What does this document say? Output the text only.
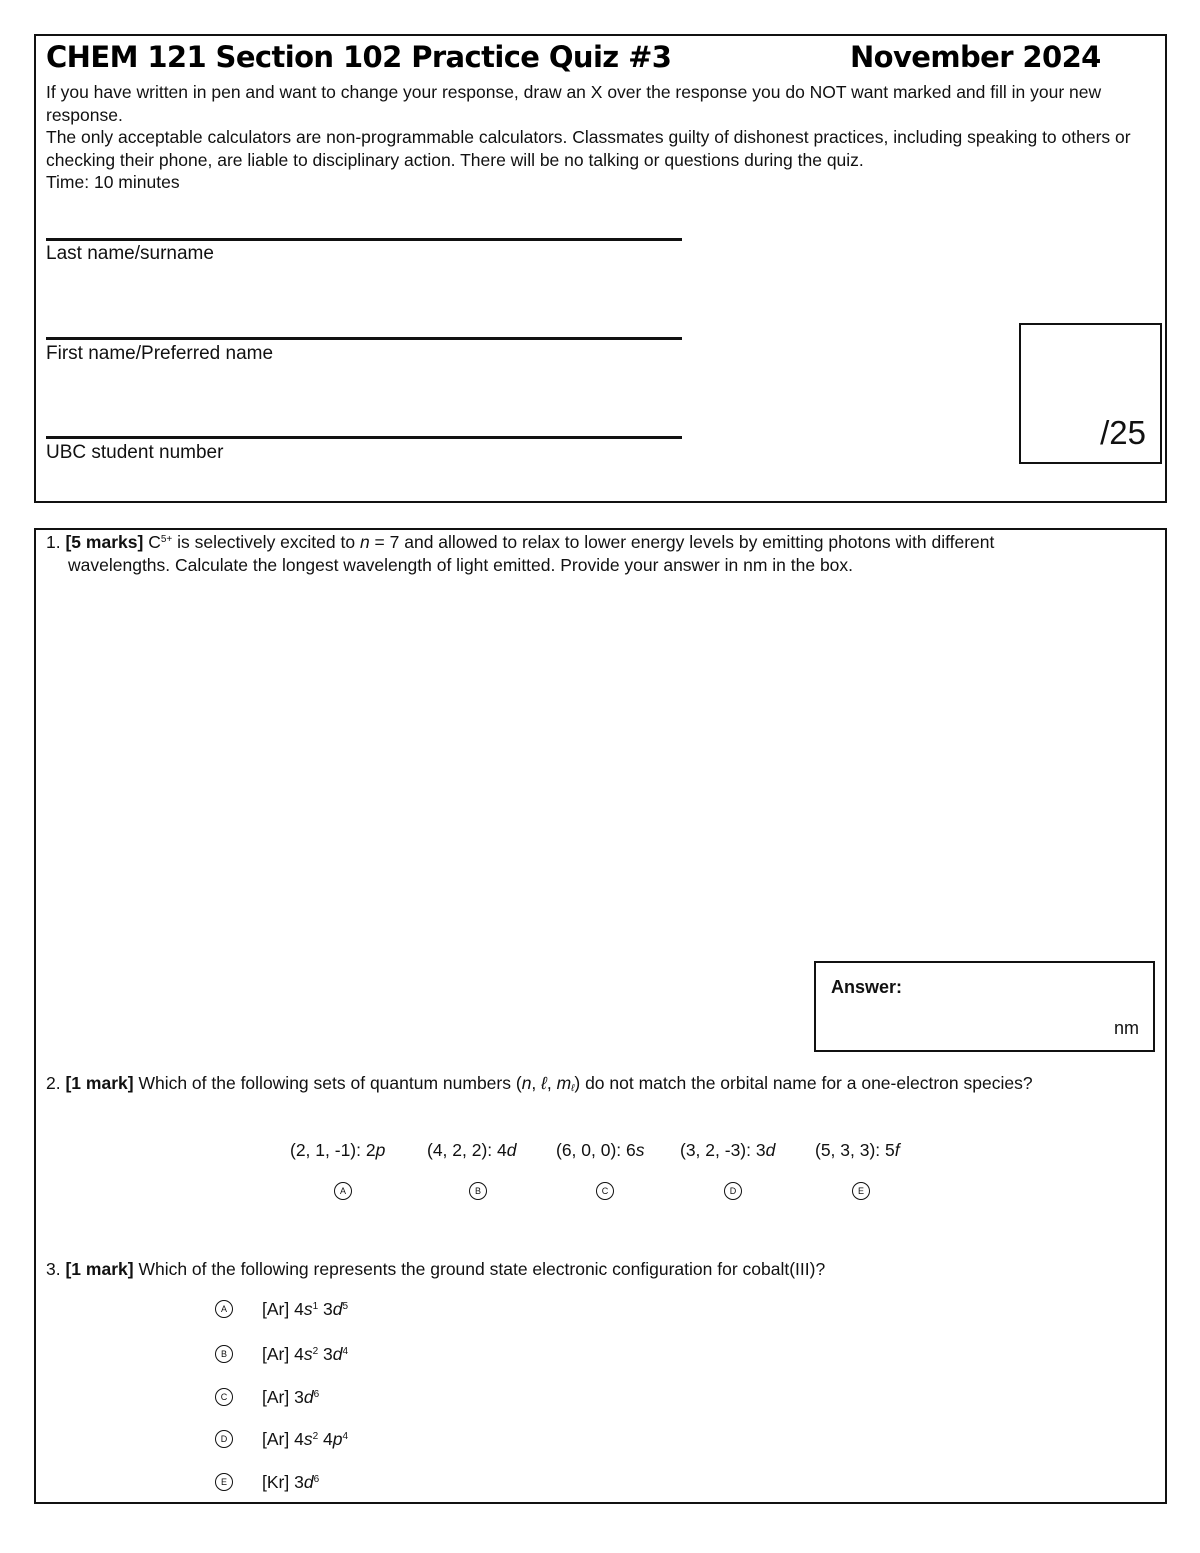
CHEM 121 Section 102 Practice Quiz #3	November 2024
If you have written in pen and want to change your response, draw an X over the response you do NOT want marked and fill in your new response.
The only acceptable calculators are non-programmable calculators. Classmates guilty of dishonest practices, including speaking to others or checking their phone, are liable to disciplinary action. There will be no talking or questions during the quiz.
Time: 10 minutes
Last name/surname
First name/Preferred name
UBC student number
/25
1. [5 marks] $C^{5+}$ is selectively excited to n = 7 and allowed to relax to lower energy levels by emitting photons with different
wavelengths. Calculate the longest wavelength of light emitted. Provide your answer in nm in the box.
Answer:
nm
2. [1 mark] Which of the following sets of quantum numbers (n, ℓ, $m_\ell$) do not match the orbital name for a one-electron species?
(2, 1, -1): 2p (4, 2, 2): 4d (6, 0, 0): 6s (3, 2, -3): 3d (5, 3, 3): 5f
A	B	C	D	E
3. [1 mark] Which of the following represents the ground state electronic configuration for cobalt(III)?
A	[Ar] $4s^1$ $3d^5$
B	[Ar] $4s^2$ $3d^4$
C	[Ar] $3d^6$
D	[Ar] $4s^2$ $4p^4$
E	[Kr] $3d^6$
